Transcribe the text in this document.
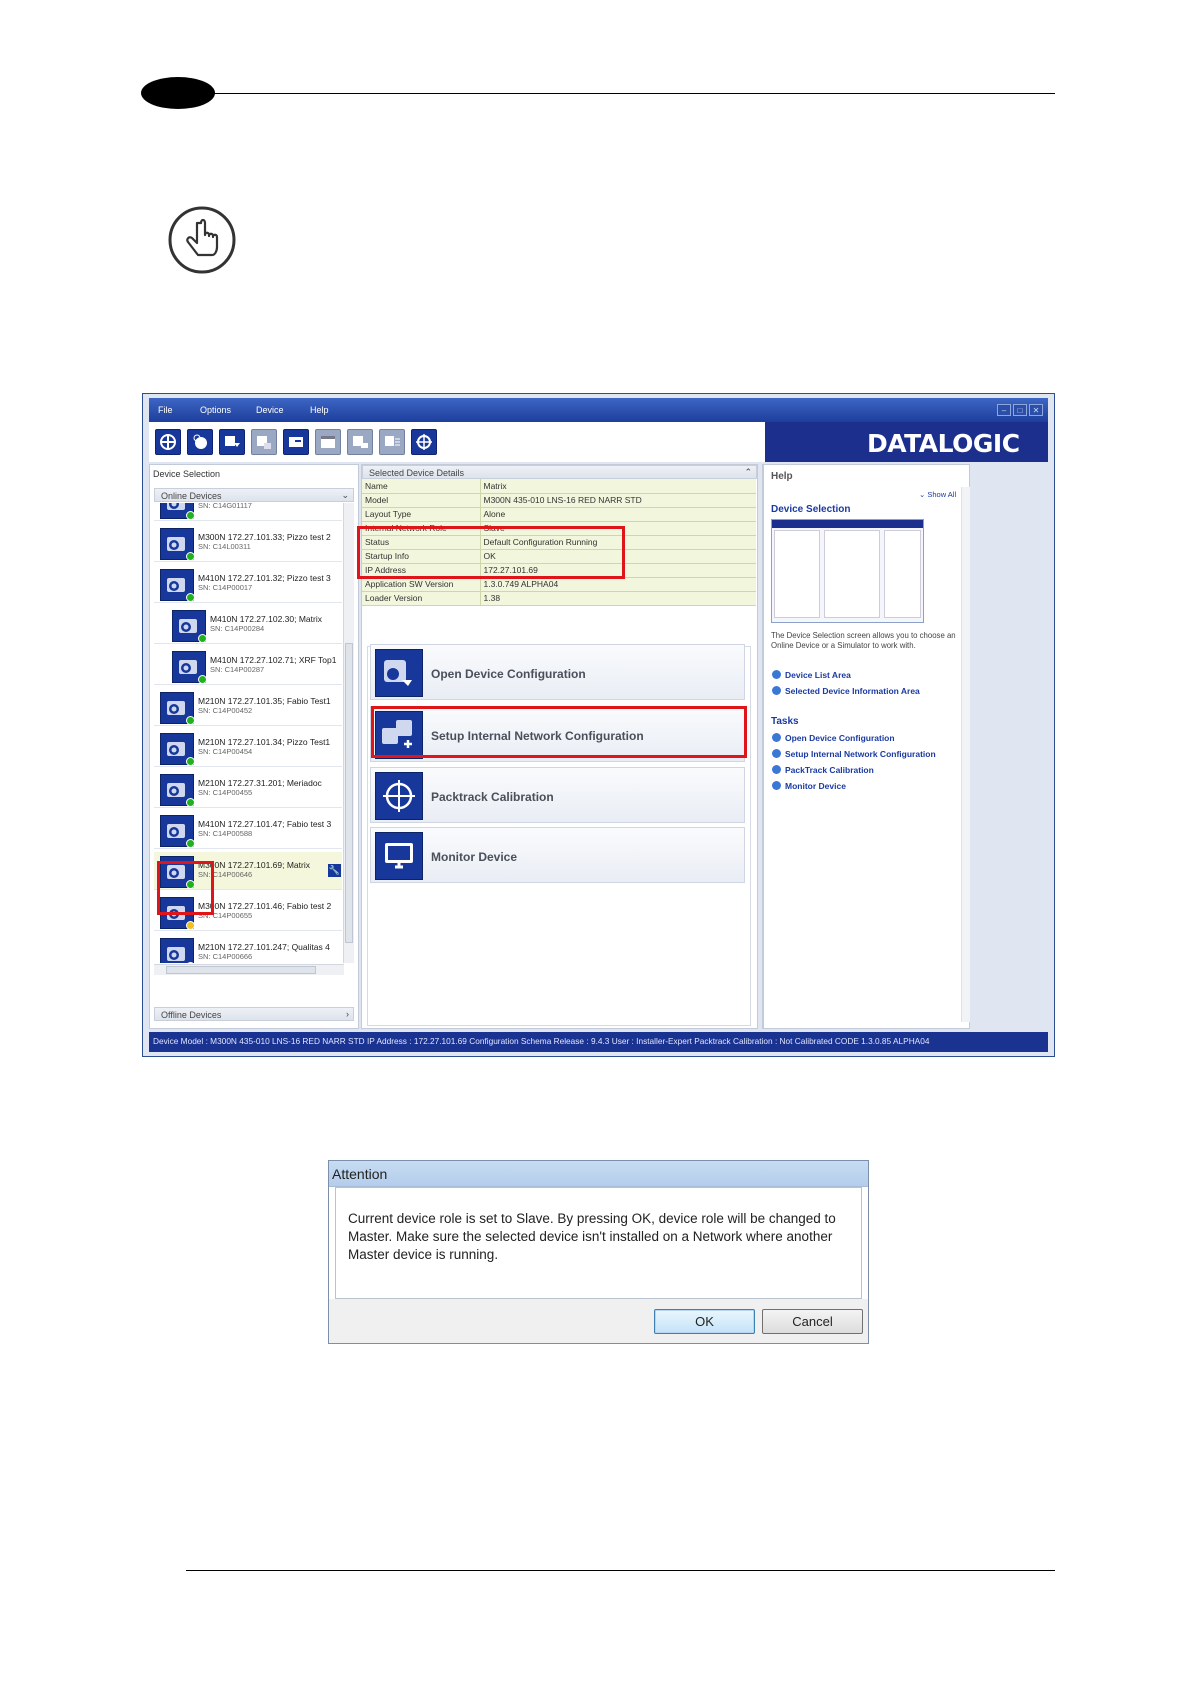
File	Options	Device	Help	–	□	✕
DATALOGIC
Device Selection
Online Devices	⌄
SN: C14G01117
M300N 172.27.101.33; Pizzo test 2
SN: C14L00311
M410N 172.27.101.32; Pizzo test 3
SN: C14P00017
M410N 172.27.102.30; Matrix
SN: C14P00284
M410N 172.27.102.71; XRF Top1
SN: C14P00287
M210N 172.27.101.35; Fabio Test1
SN: C14P00452
M210N 172.27.101.34; Pizzo Test1
SN: C14P00454
M210N 172.27.31.201; Meriadoc
SN: C14P00455
M410N 172.27.101.47; Fabio test 3
SN: C14P00588
M300N 172.27.101.69; Matrix
SN: C14P00646	🔧
M300N 172.27.101.46; Fabio test 2
SN: C14P00655
M210N 172.27.101.247; Qualitas 4
SN: C14P00666
Offline Devices	›
Selected Device Details	⌃
Name	Matrix
Model	M300N 435-010 LNS-16 RED NARR STD
Layout Type	Alone
Internal Network Role	Slave
Status	Default Configuration Running
Startup Info	OK
IP Address	172.27.101.69
Application SW Version	1.3.0.749 ALPHA04
Loader Version	1.38
Open Device Configuration
Setup Internal Network Configuration
Packtrack Calibration
Monitor Device
Help
⌄ Show All
Device Selection
The Device Selection screen allows you to choose an Online Device or a Simulator to work with.
Device List Area
Selected Device Information Area
Tasks
Open Device Configuration
Setup Internal Network Configuration
PackTrack Calibration
Monitor Device
Device Model : M300N 435-010 LNS-16 RED NARR STD IP Address : 172.27.101.69 Configuration Schema Release : 9.4.3 User : Installer-Expert Packtrack Calibration : Not Calibrated CODE 1.3.0.85 ALPHA04
Attention
Current device role is set to Slave. By pressing OK, device role will be changed to Master. Make sure the selected device isn't installed on a Network where another Master device is running.
OK	Cancel
